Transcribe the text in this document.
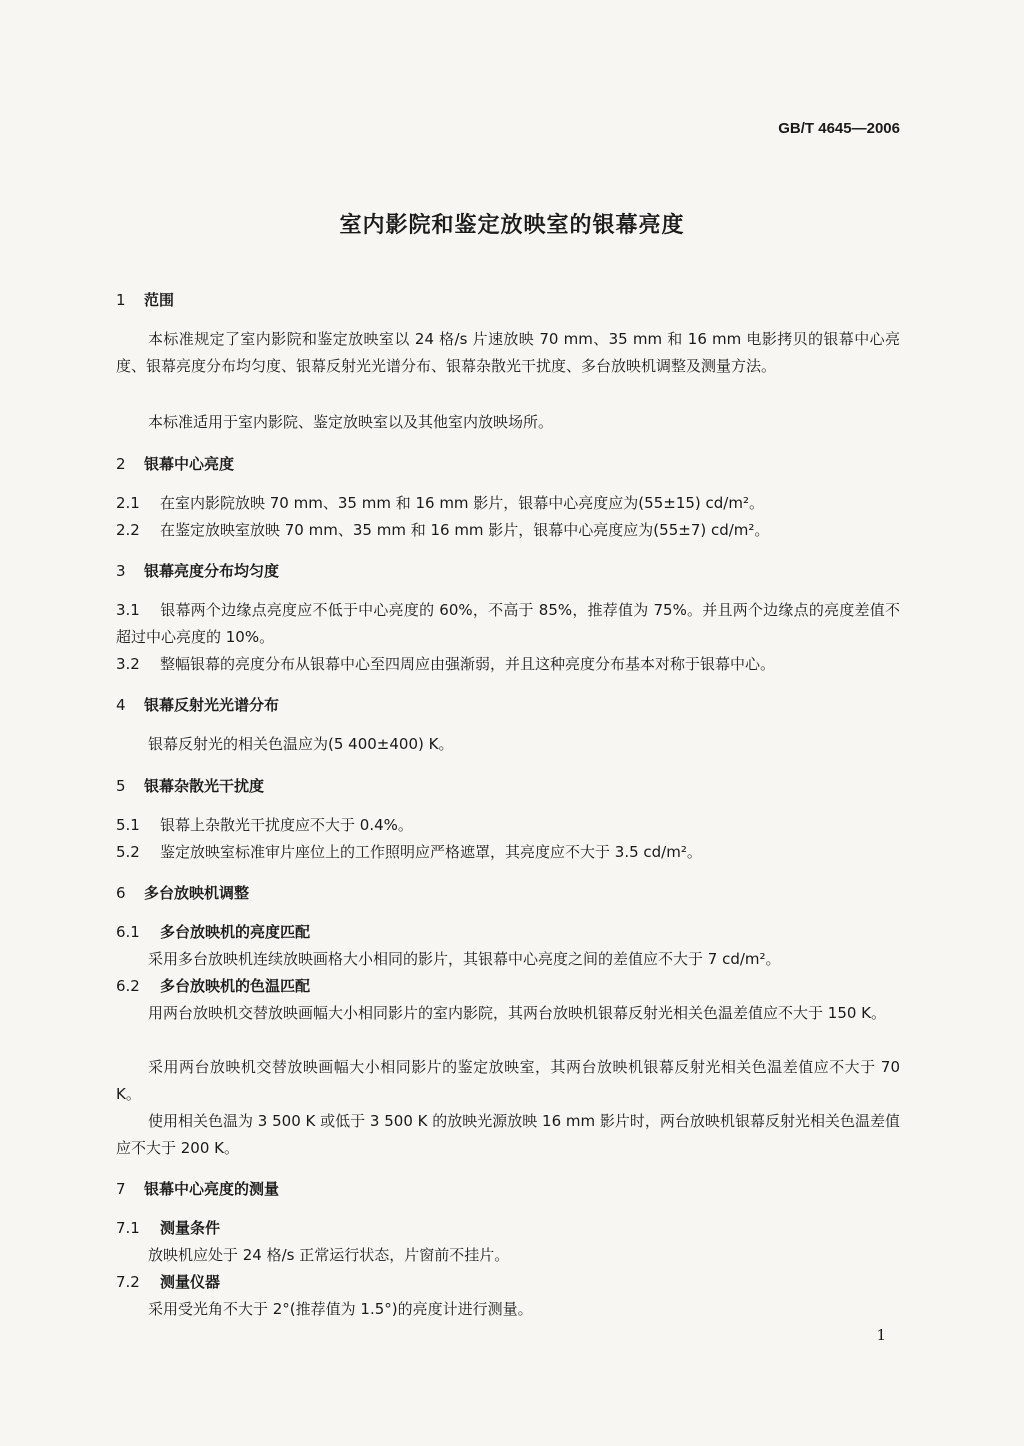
GB/T 4645—2006
室内影院和鉴定放映室的银幕亮度
1 范围
本标准规定了室内影院和鉴定放映室以 24 格/s 片速放映 70 mm、35 mm 和 16 mm 电影拷贝的银幕中心亮度、银幕亮度分布均匀度、银幕反射光光谱分布、银幕杂散光干扰度、多台放映机调整及测量方法。
本标准适用于室内影院、鉴定放映室以及其他室内放映场所。
2 银幕中心亮度
2.1 在室内影院放映 70 mm、35 mm 和 16 mm 影片，银幕中心亮度应为(55±15) cd/m²。
2.2 在鉴定放映室放映 70 mm、35 mm 和 16 mm 影片，银幕中心亮度应为(55±7) cd/m²。
3 银幕亮度分布均匀度
3.1 银幕两个边缘点亮度应不低于中心亮度的 60%，不高于 85%，推荐值为 75%。并且两个边缘点的亮度差值不超过中心亮度的 10%。
3.2 整幅银幕的亮度分布从银幕中心至四周应由强渐弱，并且这种亮度分布基本对称于银幕中心。
4 银幕反射光光谱分布
银幕反射光的相关色温应为(5 400±400) K。
5 银幕杂散光干扰度
5.1 银幕上杂散光干扰度应不大于 0.4%。
5.2 鉴定放映室标准审片座位上的工作照明应严格遮罩，其亮度应不大于 3.5 cd/m²。
6 多台放映机调整
6.1 多台放映机的亮度匹配
采用多台放映机连续放映画格大小相同的影片，其银幕中心亮度之间的差值应不大于 7 cd/m²。
6.2 多台放映机的色温匹配
用两台放映机交替放映画幅大小相同影片的室内影院，其两台放映机银幕反射光相关色温差值应不大于 150 K。
采用两台放映机交替放映画幅大小相同影片的鉴定放映室，其两台放映机银幕反射光相关色温差值应不大于 70 K。
使用相关色温为 3 500 K 或低于 3 500 K 的放映光源放映 16 mm 影片时，两台放映机银幕反射光相关色温差值应不大于 200 K。
7 银幕中心亮度的测量
7.1 测量条件
放映机应处于 24 格/s 正常运行状态，片窗前不挂片。
7.2 测量仪器
采用受光角不大于 2°(推荐值为 1.5°)的亮度计进行测量。
1
